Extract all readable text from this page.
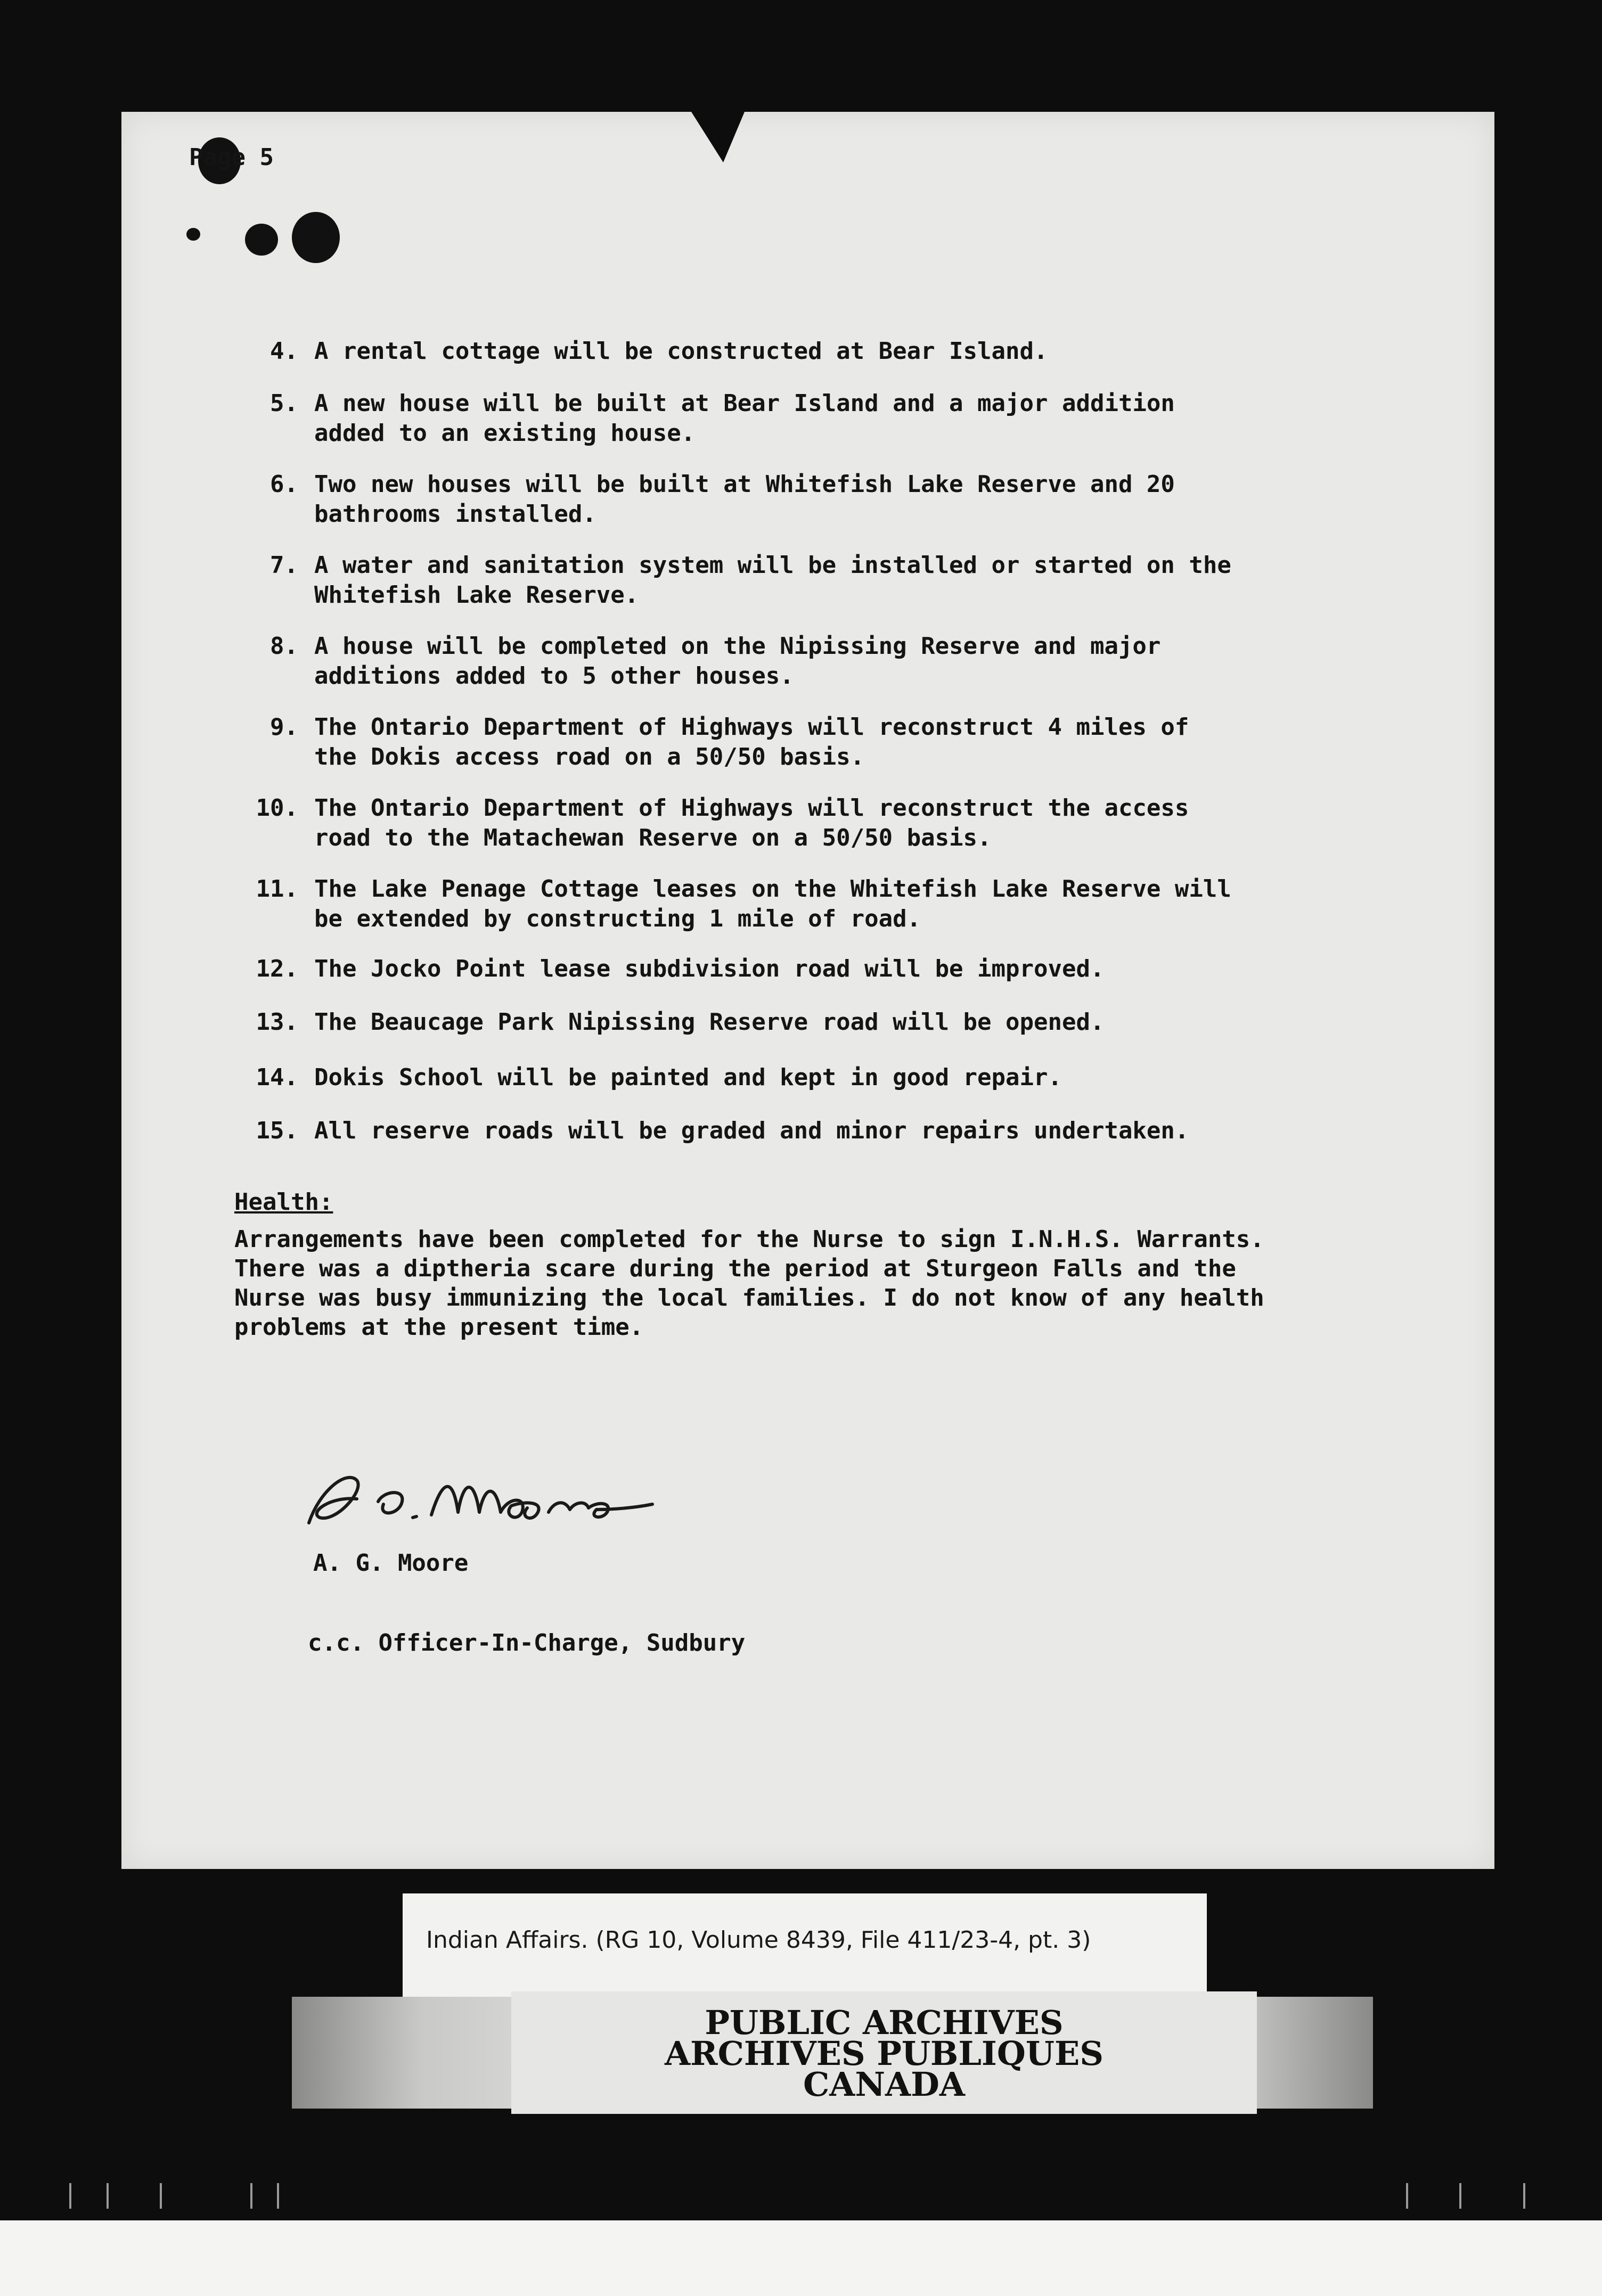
Page 5
4. A rental cottage will be constructed at Bear Island.
5. A new house will be built at Bear Island and a major addition
added to an existing house.
6. Two new houses will be built at Whitefish Lake Reserve and 20
bathrooms installed.
7. A water and sanitation system will be installed or started on the
Whitefish Lake Reserve.
8. A house will be completed on the Nipissing Reserve and major
additions added to 5 other houses.
9. The Ontario Department of Highways will reconstruct 4 miles of
the Dokis access road on a 50/50 basis.
10. The Ontario Department of Highways will reconstruct the access
road to the Matachewan Reserve on a 50/50 basis.
11. The Lake Penage Cottage leases on the Whitefish Lake Reserve will
be extended by constructing 1 mile of road.
12. The Jocko Point lease subdivision road will be improved.
13. The Beaucage Park Nipissing Reserve road will be opened.
14. Dokis School will be painted and kept in good repair.
15. All reserve roads will be graded and minor repairs undertaken.
Health:
Arrangements have been completed for the Nurse to sign I.N.H.S. Warrants.
There was a diptheria scare during the period at Sturgeon Falls and the
Nurse was busy immunizing the local families. I do not know of any health
problems at the present time.
A. G. Moore
c.c. Officer-In-Charge, Sudbury
Indian Affairs. (RG 10, Volume 8439, File 411/23-4, pt. 3)
PUBLIC ARCHIVES
ARCHIVES PUBLIQUES
CANADA
